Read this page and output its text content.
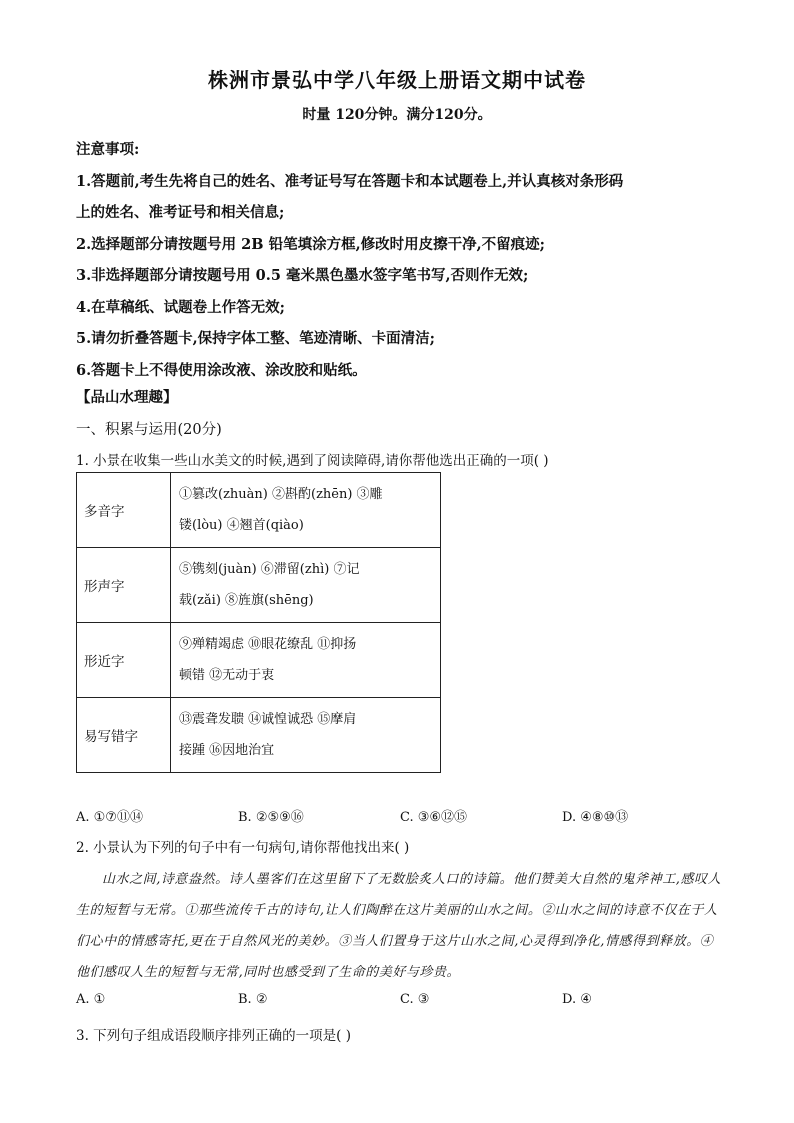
株洲市景弘中学八年级上册语文期中试卷
时量 120分钟。满分120分。
注意事项:
1.答题前,考生先将自己的姓名、准考证号写在答题卡和本试题卷上,并认真核对条形码
上的姓名、准考证号和相关信息;
2.选择题部分请按题号用 2B 铅笔填涂方框,修改时用皮擦干净,不留痕迹;
3.非选择题部分请按题号用 0.5 毫米黑色墨水签字笔书写,否则作无效;
4.在草稿纸、试题卷上作答无效;
5.请勿折叠答题卡,保持字体工整、笔迹清晰、卡面清洁;
6.答题卡上不得使用涂改液、涂改胶和贴纸。
【品山水理趣】
一、积累与运用(20分)
1. 小景在收集一些山水美文的时候,遇到了阅读障碍,请你帮他选出正确的一项( )
多音字	①篡改(zhuàn) ②斟酌(zhēn) ③雕
镂(lòu) ④翘首(qiào)

形声字	⑤镌刻(juàn) ⑥滞留(zhì) ⑦记
载(zǎi) ⑧旌旗(shēng)

形近字	⑨殚精竭虑 ⑩眼花缭乱 ⑪抑扬
顿错 ⑫无动于衷

易写错字	⑬震聋发聩 ⑭诚惶诚恐 ⑮摩肩
接踵 ⑯因地治宜
A. ①⑦⑪⑭	B. ②⑤⑨⑯	C. ③⑥⑫⑮	D. ④⑧⑩⑬
2. 小景认为下列的句子中有一句病句,请你帮他找出来( )
山水之间,诗意盎然。诗人墨客们在这里留下了无数脍炙人口的诗篇。他们赞美大自然的鬼斧神工,感叹人生的短暂与无常。①那些流传千古的诗句,让人们陶醉在这片美丽的山水之间。②山水之间的诗意不仅在于人们心中的情感寄托,更在于自然风光的美妙。③当人们置身于这片山水之间,心灵得到净化,情感得到释放。④他们感叹人生的短暂与无常,同时也感受到了生命的美好与珍贵。
A. ①	B. ②	C. ③	D. ④
3. 下列句子组成语段顺序排列正确的一项是( )
